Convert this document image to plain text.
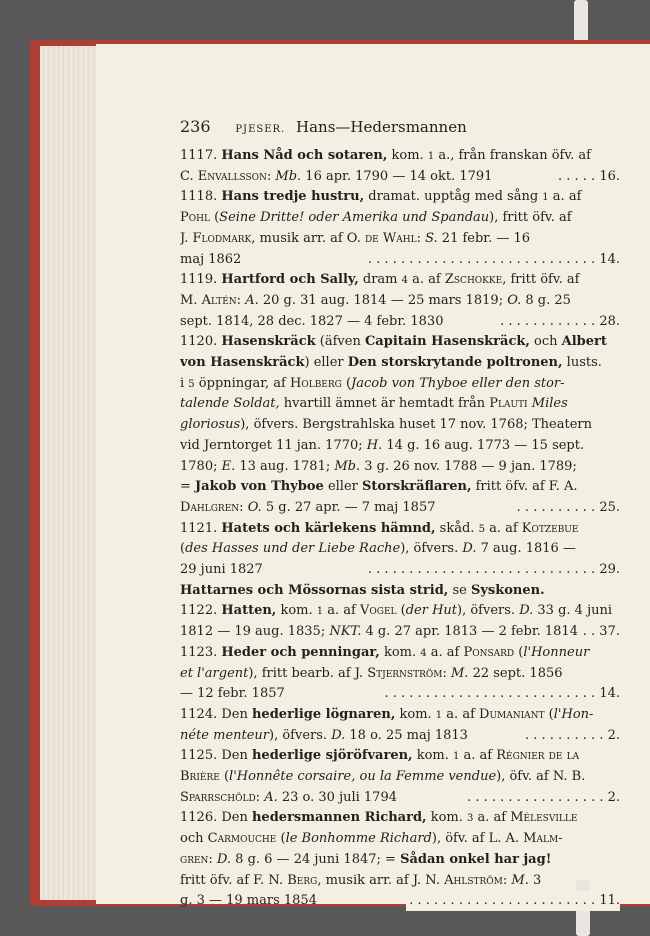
236 PJESER. Hans—Hedersmannen
1117. Hans Nåd och sotaren, kom. 1 a., från franskan öfv. af
C. Envallsson: Mb. 16 apr. 1790 — 14 okt. 1791	. . . . . 16.
1118. Hans tredje hustru, dramat. upptåg med sång 1 a. af
Pohl (Seine Dritte! oder Amerika und Spandau), fritt öfv. af
J. Flodmark, musik arr. af O. de Wahl: S. 21 febr. — 16
maj 1862	. . . . . . . . . . . . . . . . . . . . . . . . . . . . 14.
1119. Hartford och Sally, dram 4 a. af Zschokke, fritt öfv. af
M. Altén: A. 20 g. 31 aug. 1814 — 25 mars 1819; O. 8 g. 25
sept. 1814, 28 dec. 1827 — 4 febr. 1830	. . . . . . . . . . . . 28.
1120. Hasenskräck (äfven Capitain Hasenskräck, och Albert
von Hasenskräck) eller Den storskrytande poltronen, lusts.
i 5 öppningar, af Holberg (Jacob von Thyboe eller den stor-
talende Soldat, hvartill ämnet är hemtadt från Plauti Miles
gloriosus), öfvers. Bergstrahlska huset 17 nov. 1768; Theatern
vid Jerntorget 11 jan. 1770; H. 14 g. 16 aug. 1773 — 15 sept.
1780; E. 13 aug. 1781; Mb. 3 g. 26 nov. 1788 — 9 jan. 1789;
= Jakob von Thyboe eller Storskräflaren, fritt öfv. af F. A.
Dahlgren: O. 5 g. 27 apr. — 7 maj 1857	. . . . . . . . . . 25.
1121. Hatets och kärlekens hämnd, skåd. 5 a. af Kotzebue
(des Hasses und der Liebe Rache), öfvers. D. 7 aug. 1816 —
29 juni 1827	. . . . . . . . . . . . . . . . . . . . . . . . . . . . 29.
Hattarnes och Mössornas sista strid, se Syskonen.
1122. Hatten, kom. 1 a. af Vogel (der Hut), öfvers. D. 33 g. 4 juni
1812 — 19 aug. 1835; NKT. 4 g. 27 apr. 1813 — 2 febr. 1814 . . 37.
1123. Heder och penningar, kom. 4 a. af Ponsard (l'Honneur
et l'argent), fritt bearb. af J. Stjernström: M. 22 sept. 1856
— 12 febr. 1857	. . . . . . . . . . . . . . . . . . . . . . . . . . 14.
1124. Den hederlige lögnaren, kom. 1 a. af Dumaniant (l'Hon-
néte menteur), öfvers. D. 18 o. 25 maj 1813	. . . . . . . . . . 2.
1125. Den hederlige sjöröfvaren, kom. 1 a. af Régnier de la
Brière (l'Honnête corsaire, ou la Femme vendue), öfv. af N. B.
Sparrschöld: A. 23 o. 30 juli 1794	. . . . . . . . . . . . . . . . . 2.
1126. Den hedersmannen Richard, kom. 3 a. af Mélesville
och Carmouche (le Bonhomme Richard), öfv. af L. A. Malm-
gren: D. 8 g. 6 — 24 juni 1847; = Sådan onkel har jag!
fritt öfv. af F. N. Berg, musik arr. af J. N. Ahlström: M. 3
g. 3 — 19 mars 1854	. . . . . . . . . . . . . . . . . . . . . . . 11.
